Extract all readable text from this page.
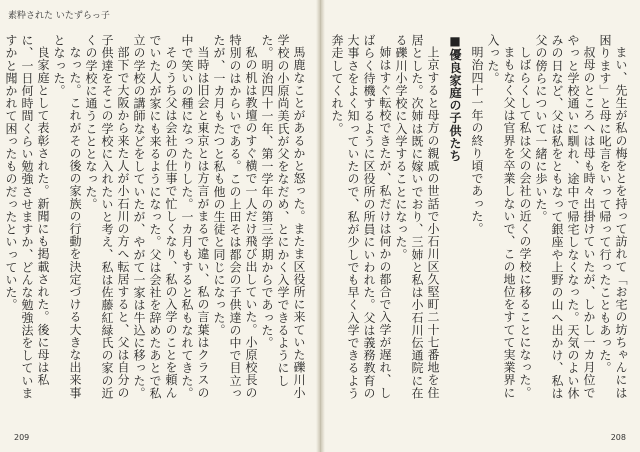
素粋された いたずらっ子

馬鹿なことがあるかと怒った。またま区役所に来ていた礫川小学校の小原尚美氏が父をなだめ、とにかく入学できるようにした。明治四十一年、第一学年の第三学期からであった。

私の机は教壇のすぐ横で一人だけ飛び出していた。小原校長の特別のはからいである。この上田そは都会の子供達の中で目立ったが、一カ月もたつと私も他の生徒と同じになった。

当時は旧会と東京とは方言がまるで違い、私の言葉はクラスの中で笑いの種になったりした。一カ月もすると私もなれてきた。

そのうち父は会社の仕事で忙しくなり、私の入学のことを頼んでいた人が家にも来るようになった。父は会社を辞めたあとで私立の学校の講師などをしていたが、やがて一家は牛込に移った。

部下で大阪から来た人が小石川の方へ転居すると、父は自分の子供達をそこの学校に入れたいと考え、私は佐藤紅緑氏の家の近くの学校に通うこととなった。

なった。これがその後の家族の行動を決定づける大きな出来事となった。

良家庭として表彰された。新聞にも掲載された。後に母は私に、一日何時間くらい勉強させますか、どんな勉強法をしていますかと聞かれて困ったものだったといっていた。

209

まい、先生が私の梅をとを持って訪れて「お宅の坊ちゃんには困ります」と母に叱言をいって帰って行ったこともあった。

叔母のところへは母も時々出掛けていたが、しかし一カ月位でやっと学校通いに馴れ、途中で帰宅しなくなった。天気のよい休みの日など、父は私をともなって銀座や上野の山へ出かけ、私は父の傍らについて一緒に歩いた。

しばらくして私は父の会社の近くの学校に移ることになった。

まもなく父は官界を卒業しないで、この地位をすてて実業界に入った。

明治四十一年の終り頃であった。

■優良家庭の子供たち

上京すると母方の親戚の世話で小石川区久堅町二十七番地を住居とした。次姉は既に嫁いでおり、三姉と私は小石川伝通院に在る礫川小学校に入学することになった。

姉はすぐ転校できたが、私だけは何かの都合で入学が遅れ、しばらく待機するように区役所の所員にいわれた。父は義務教育の大事さをよく知っていたので、私が少しでも早く入学できるよう奔走してくれた。

208
